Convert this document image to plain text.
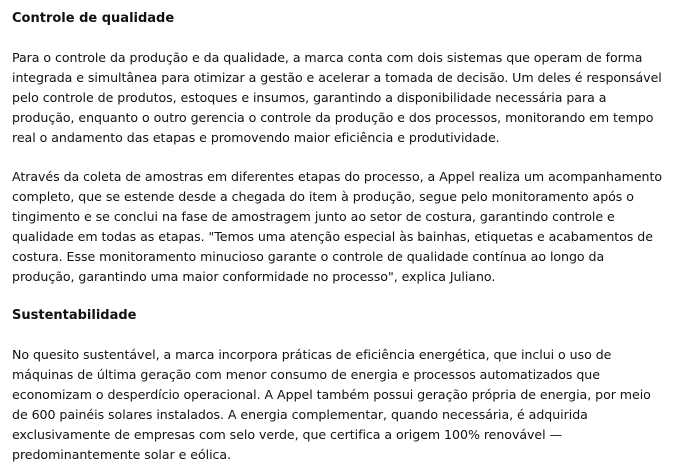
Controle de qualidade

Para o controle da produção e da qualidade, a marca conta com dois sistemas que operam de forma integrada e simultânea para otimizar a gestão e acelerar a tomada de decisão. Um deles é responsável pelo controle de produtos, estoques e insumos, garantindo a disponibilidade necessária para a produção, enquanto o outro gerencia o controle da produção e dos processos, monitorando em tempo real o andamento das etapas e promovendo maior eficiência e produtividade.

Através da coleta de amostras em diferentes etapas do processo, a Appel realiza um acompanhamento completo, que se estende desde a chegada do item à produção, segue pelo monitoramento após o tingimento e se conclui na fase de amostragem junto ao setor de costura, garantindo controle e qualidade em todas as etapas. "Temos uma atenção especial às bainhas, etiquetas e acabamentos de costura. Esse monitoramento minucioso garante o controle de qualidade contínua ao longo da produção, garantindo uma maior conformidade no processo", explica Juliano.

Sustentabilidade

No quesito sustentável, a marca incorpora práticas de eficiência energética, que inclui o uso de máquinas de última geração com menor consumo de energia e processos automatizados que economizam o desperdício operacional. A Appel também possui geração própria de energia, por meio de 600 painéis solares instalados. A energia complementar, quando necessária, é adquirida exclusivamente de empresas com selo verde, que certifica a origem 100% renovável — predominantemente solar e eólica.
